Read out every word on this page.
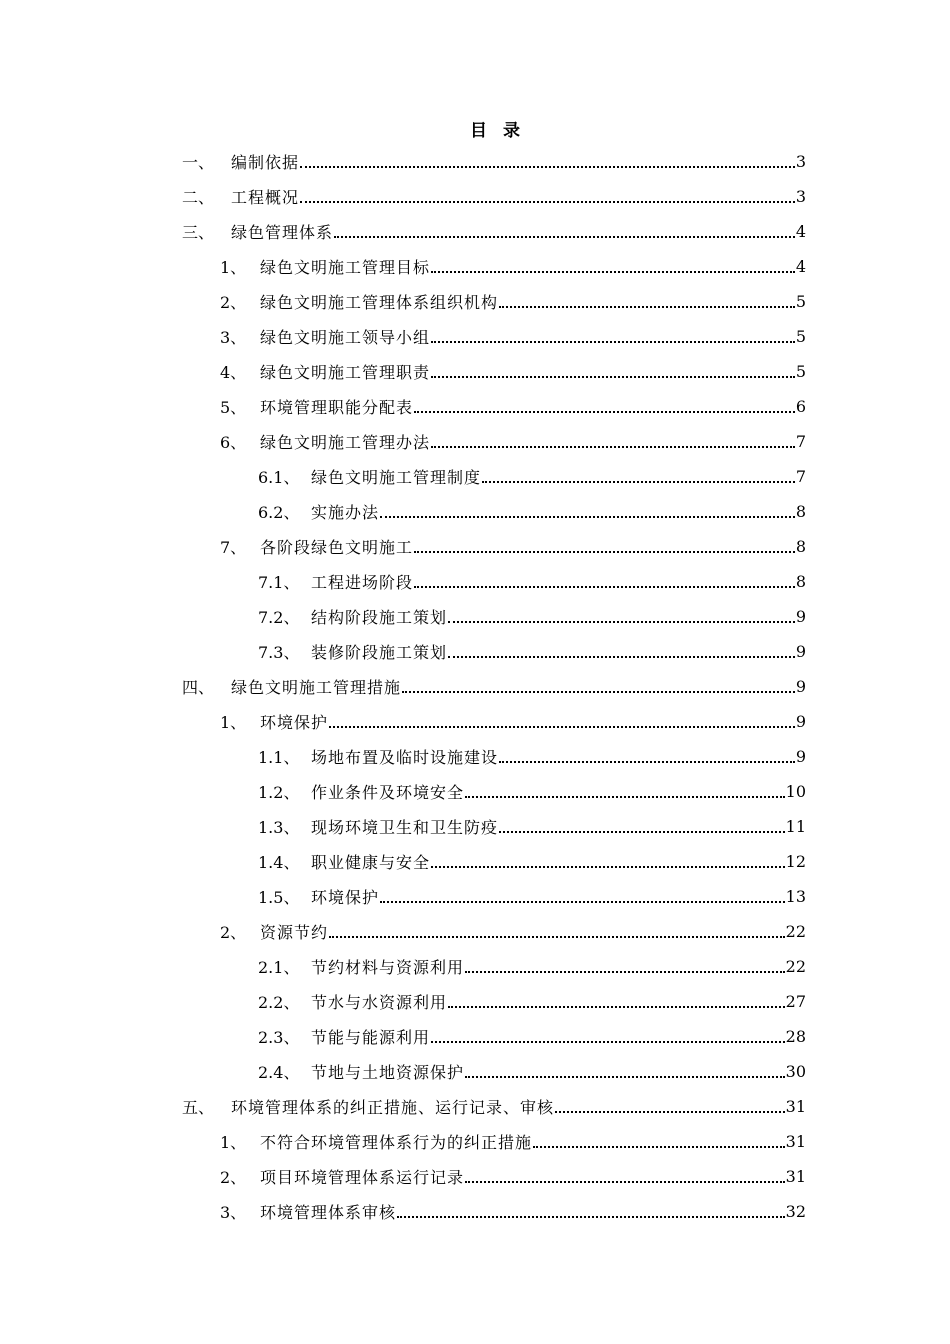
目 录
一、	编制依据	3
二、	工程概况	3
三、	绿色管理体系	4
1、 绿色文明施工管理目标	4
2、 绿色文明施工管理体系组织机构	5
3、 绿色文明施工领导小组	5
4、 绿色文明施工管理职责	5
5、 环境管理职能分配表	6
6、 绿色文明施工管理办法	7
6.1、 绿色文明施工管理制度	7
6.2、 实施办法	8
7、 各阶段绿色文明施工	8
7.1、 工程进场阶段	8
7.2、 结构阶段施工策划	9
7.3、 装修阶段施工策划	9
四、	绿色文明施工管理措施	9
1、 环境保护	9
1.1、 场地布置及临时设施建设	9
1.2、 作业条件及环境安全	10
1.3、 现场环境卫生和卫生防疫	11
1.4、 职业健康与安全	12
1.5、 环境保护	13
2、 资源节约	22
2.1、 节约材料与资源利用	22
2.2、 节水与水资源利用	27
2.3、 节能与能源利用	28
2.4、 节地与土地资源保护	30
五、	环境管理体系的纠正措施、运行记录、审核	31
1、 不符合环境管理体系行为的纠正措施	31
2、 项目环境管理体系运行记录	31
3、 环境管理体系审核	32
